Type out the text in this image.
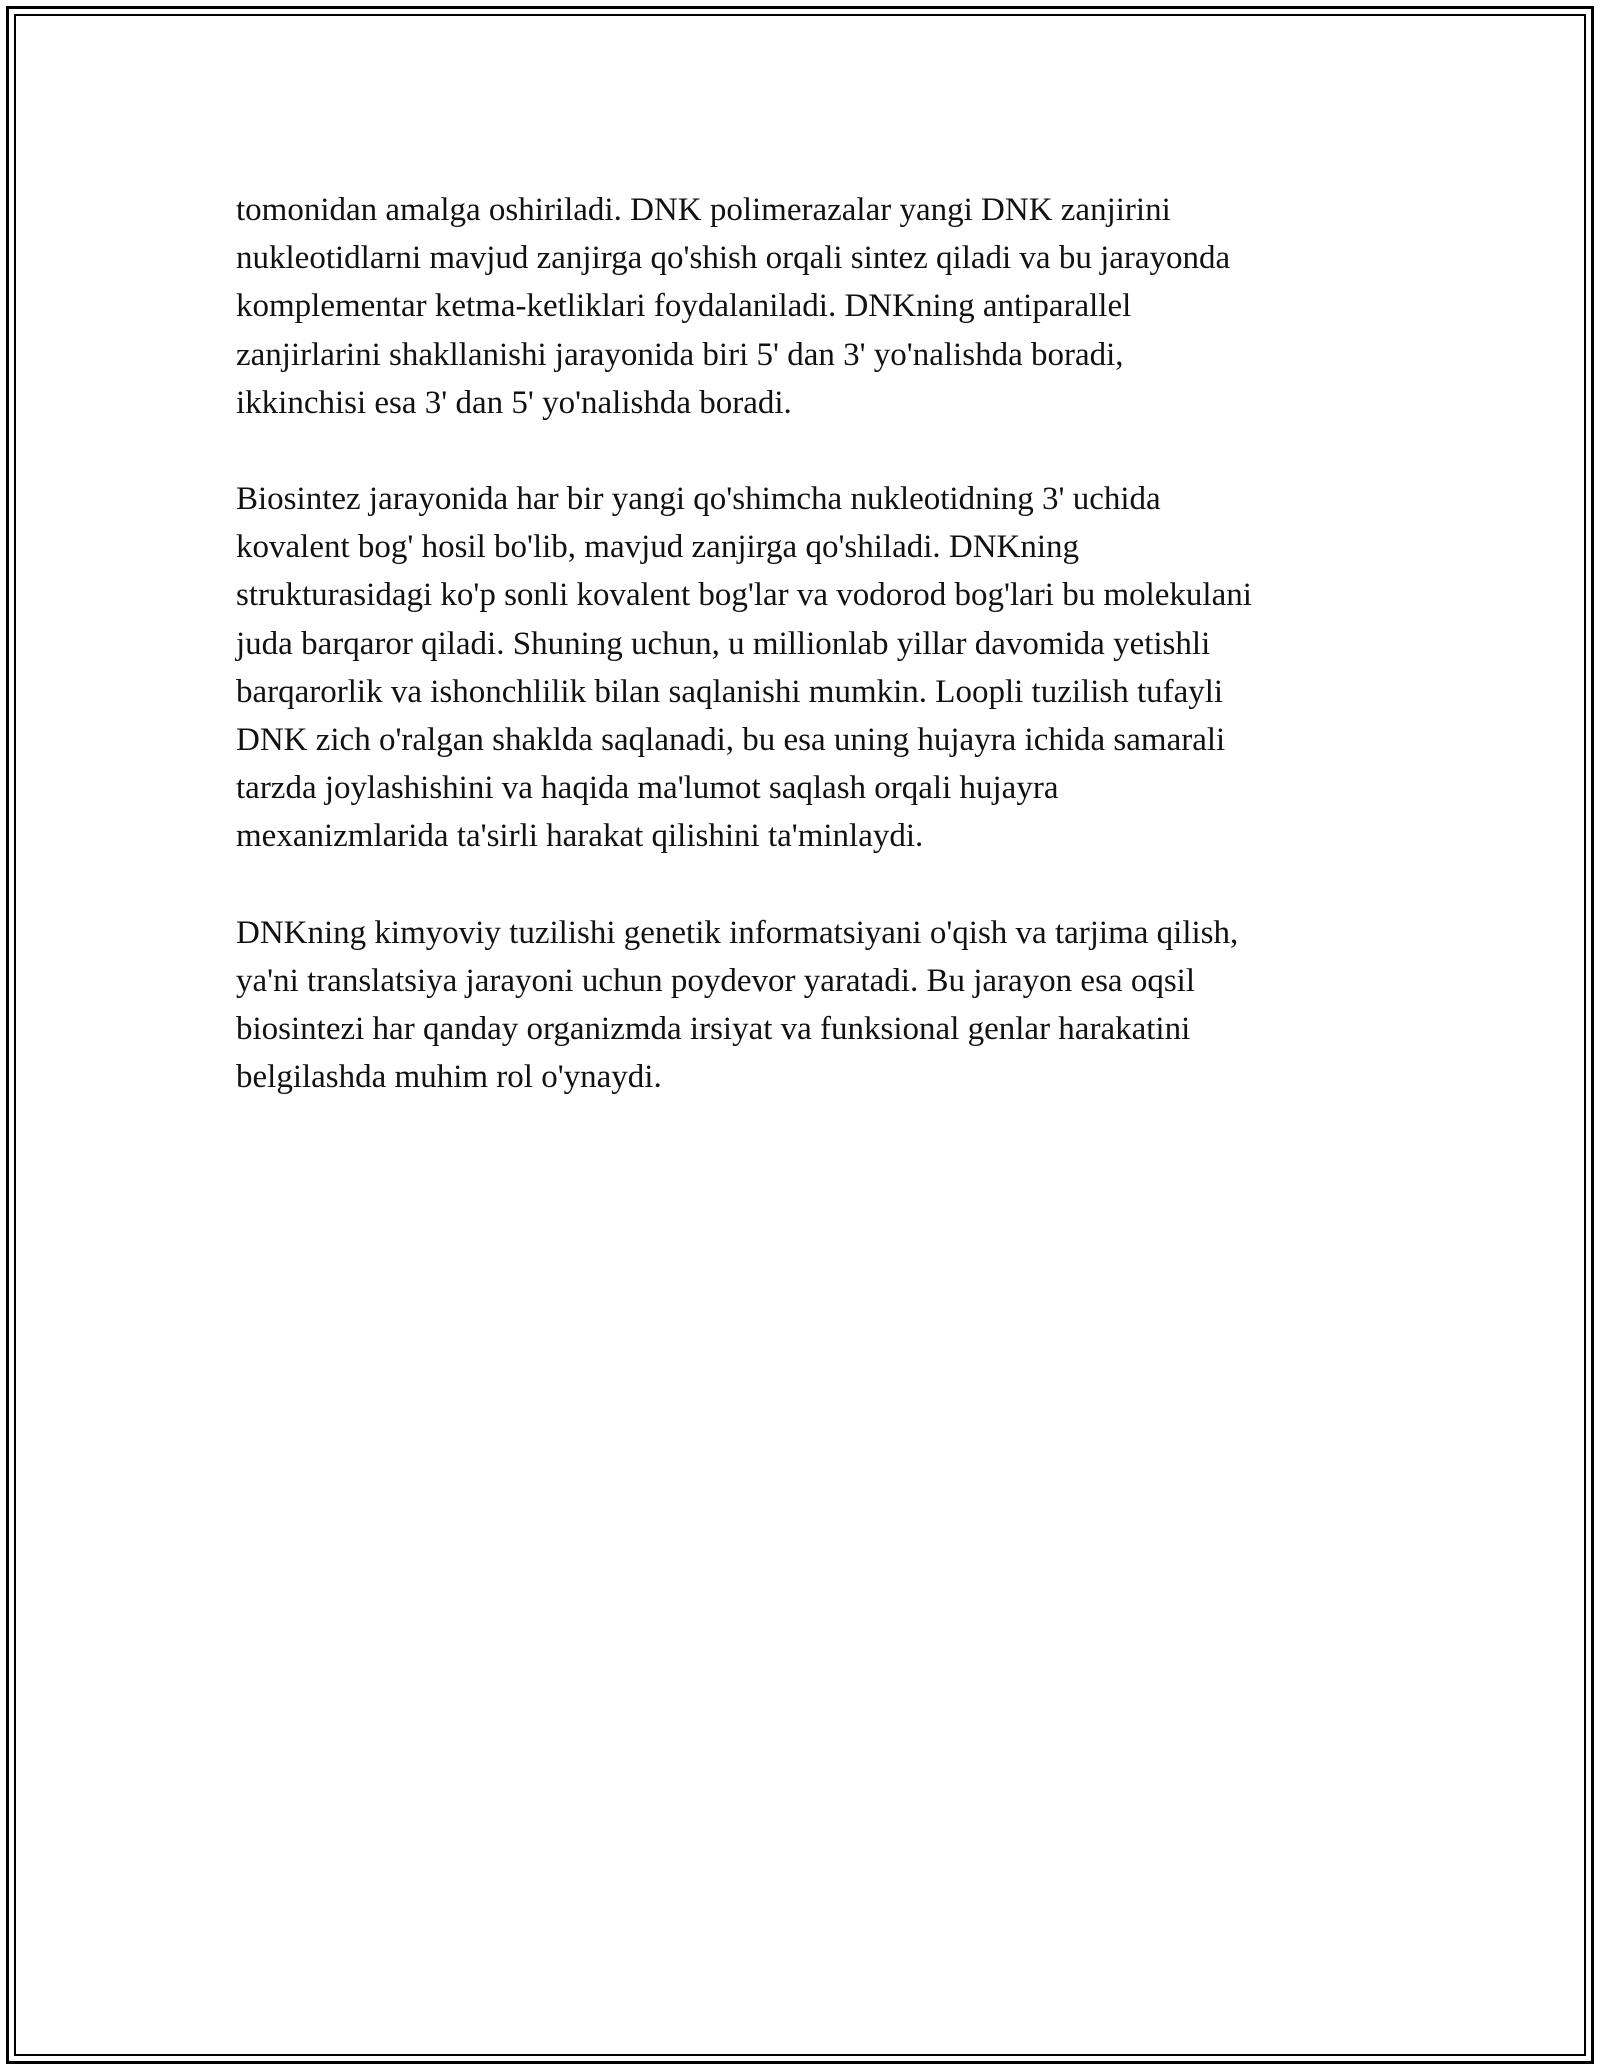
tomonidan amalga oshiriladi. DNK polimerazalar yangi DNK zanjirini
nukleotidlarni mavjud zanjirga qo'shish orqali sintez qiladi va bu jarayonda
komplementar ketma-ketliklari foydalaniladi. DNKning antiparallel
zanjirlarini shakllanishi jarayonida biri 5' dan 3' yo'nalishda boradi,
ikkinchisi esa 3' dan 5' yo'nalishda boradi.

Biosintez jarayonida har bir yangi qo'shimcha nukleotidning 3' uchida
kovalent bog' hosil bo'lib, mavjud zanjirga qo'shiladi. DNKning
strukturasidagi ko'p sonli kovalent bog'lar va vodorod bog'lari bu molekulani
juda barqaror qiladi. Shuning uchun, u millionlab yillar davomida yetishli
barqarorlik va ishonchlilik bilan saqlanishi mumkin. Loopli tuzilish tufayli
DNK zich o'ralgan shaklda saqlanadi, bu esa uning hujayra ichida samarali
tarzda joylashishini va haqida ma'lumot saqlash orqali hujayra
mexanizmlarida ta'sirli harakat qilishini ta'minlaydi.

DNKning kimyoviy tuzilishi genetik informatsiyani o'qish va tarjima qilish,
ya'ni translatsiya jarayoni uchun poydevor yaratadi. Bu jarayon esa oqsil
biosintezi har qanday organizmda irsiyat va funksional genlar harakatini
belgilashda muhim rol o'ynaydi.
